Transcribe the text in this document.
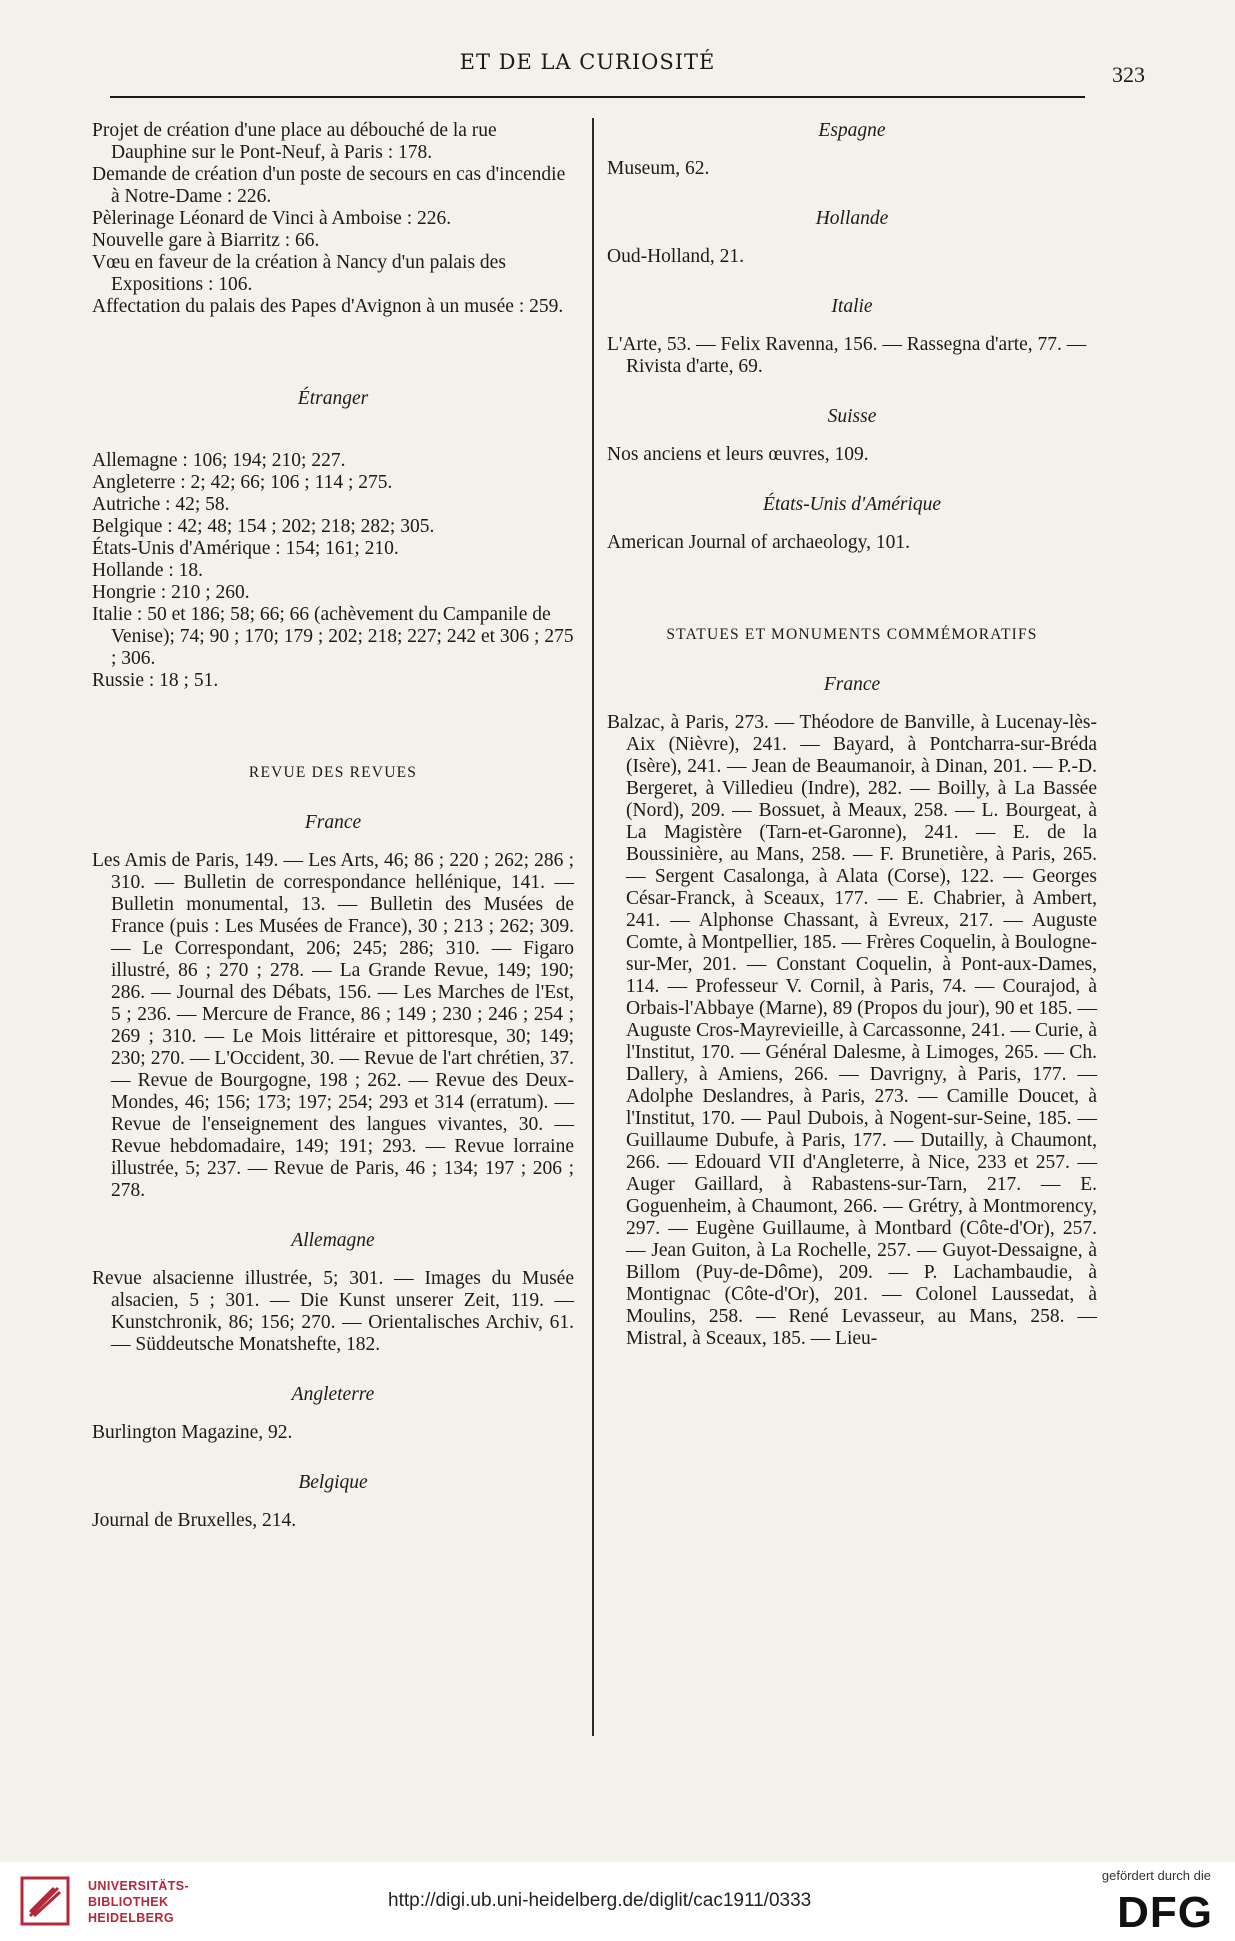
ET DE LA CURIOSITÉ	323

Projet de création d'une place au débouché de la rue Dauphine sur le Pont-Neuf, à Paris : 178.

Demande de création d'un poste de secours en cas d'incendie à Notre-Dame : 226.

Pèlerinage Léonard de Vinci à Amboise : 226.

Nouvelle gare à Biarritz : 66.

Vœu en faveur de la création à Nancy d'un palais des Expositions : 106.

Affectation du palais des Papes d'Avignon à un musée : 259.

Étranger

Allemagne : 106; 194; 210; 227.

Angleterre : 2; 42; 66; 106 ; 114 ; 275.

Autriche : 42; 58.

Belgique : 42; 48; 154 ; 202; 218; 282; 305.

États-Unis d'Amérique : 154; 161; 210.

Hollande : 18.

Hongrie : 210 ; 260.

Italie : 50 et 186; 58; 66; 66 (achèvement du Campanile de Venise); 74; 90 ; 170; 179 ; 202; 218; 227; 242 et 306 ; 275 ; 306.

Russie : 18 ; 51.

REVUE DES REVUES

France

Les Amis de Paris, 149. — Les Arts, 46; 86 ; 220 ; 262; 286 ; 310. — Bulletin de correspondance hellénique, 141. — Bulletin monumental, 13. — Bulletin des Musées de France (puis : Les Musées de France), 30 ; 213 ; 262; 309. — Le Correspondant, 206; 245; 286; 310. — Figaro illustré, 86 ; 270 ; 278. — La Grande Revue, 149; 190; 286. — Journal des Débats, 156. — Les Marches de l'Est, 5 ; 236. — Mercure de France, 86 ; 149 ; 230 ; 246 ; 254 ; 269 ; 310. — Le Mois littéraire et pittoresque, 30; 149; 230; 270. — L'Occident, 30. — Revue de l'art chrétien, 37. — Revue de Bourgogne, 198 ; 262. — Revue des Deux-Mondes, 46; 156; 173; 197; 254; 293 et 314 (erratum). — Revue de l'enseignement des langues vivantes, 30. — Revue hebdomadaire, 149; 191; 293. — Revue lorraine illustrée, 5; 237. — Revue de Paris, 46 ; 134; 197 ; 206 ; 278.

Allemagne

Revue alsacienne illustrée, 5; 301. — Images du Musée alsacien, 5 ; 301. — Die Kunst unserer Zeit, 119. — Kunstchronik, 86; 156; 270. — Orientalisches Archiv, 61. — Süddeutsche Monatshefte, 182.

Angleterre

Burlington Magazine, 92.

Belgique

Journal de Bruxelles, 214.

Espagne

Museum, 62.

Hollande

Oud-Holland, 21.

Italie

L'Arte, 53. — Felix Ravenna, 156. — Rassegna d'arte, 77. — Rivista d'arte, 69.

Suisse

Nos anciens et leurs œuvres, 109.

États-Unis d'Amérique

American Journal of archaeology, 101.

STATUES ET MONUMENTS COMMÉMORATIFS

France

Balzac, à Paris, 273. — Théodore de Banville, à Lucenay-lès-Aix (Nièvre), 241. — Bayard, à Pontcharra-sur-Bréda (Isère), 241. — Jean de Beaumanoir, à Dinan, 201. — P.-D. Bergeret, à Villedieu (Indre), 282. — Boilly, à La Bassée (Nord), 209. — Bossuet, à Meaux, 258. — L. Bourgeat, à La Magistère (Tarn-et-Garonne), 241. — E. de la Boussinière, au Mans, 258. — F. Brunetière, à Paris, 265. — Sergent Casalonga, à Alata (Corse), 122. — Georges César-Franck, à Sceaux, 177. — E. Chabrier, à Ambert, 241. — Alphonse Chassant, à Evreux, 217. — Auguste Comte, à Montpellier, 185. — Frères Coquelin, à Boulogne-sur-Mer, 201. — Constant Coquelin, à Pont-aux-Dames, 114. — Professeur V. Cornil, à Paris, 74. — Courajod, à Orbais-l'Abbaye (Marne), 89 (Propos du jour), 90 et 185. — Auguste Cros-Mayrevieille, à Carcassonne, 241. — Curie, à l'Institut, 170. — Général Dalesme, à Limoges, 265. — Ch. Dallery, à Amiens, 266. — Davrigny, à Paris, 177. — Adolphe Deslandres, à Paris, 273. — Camille Doucet, à l'Institut, 170. — Paul Dubois, à Nogent-sur-Seine, 185. — Guillaume Dubufe, à Paris, 177. — Dutailly, à Chaumont, 266. — Edouard VII d'Angleterre, à Nice, 233 et 257. — Auger Gaillard, à Rabastens-sur-Tarn, 217. — E. Goguenheim, à Chaumont, 266. — Grétry, à Montmorency, 297. — Eugène Guillaume, à Montbard (Côte-d'Or), 257. — Jean Guiton, à La Rochelle, 257. — Guyot-Dessaigne, à Billom (Puy-de-Dôme), 209. — P. Lachambaudie, à Montignac (Côte-d'Or), 201. — Colonel Laussedat, à Moulins, 258. — René Levasseur, au Mans, 258. — Mistral, à Sceaux, 185. — Lieu-

UNIVERSITÄTS-
BIBLIOTHEK
HEIDELBERG
http://digi.ub.uni-heidelberg.de/diglit/cac1911/0333
gefördert durch die
DFG
